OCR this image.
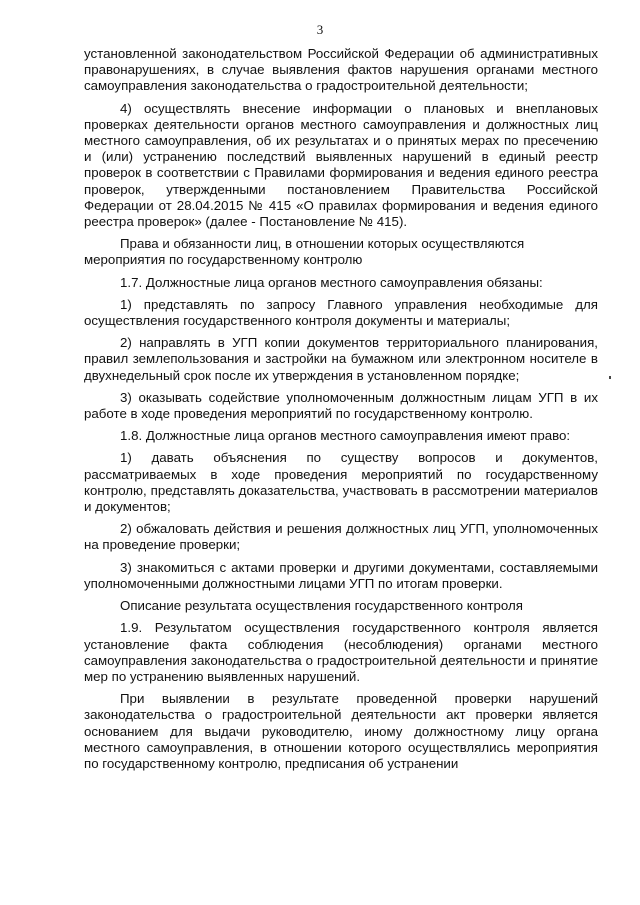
3

установленной законодательством Российской Федерации об административных правонарушениях, в случае выявления фактов нарушения органами местного самоуправления законодательства о градостроительной деятельности;

4) осуществлять внесение информации о плановых и внеплановых проверках деятельности органов местного самоуправления и должностных лиц местного самоуправления, об их результатах и о принятых мерах по пресечению и (или) устранению последствий выявленных нарушений в единый реестр проверок в соответствии с Правилами формирования и ведения единого реестра проверок, утвержденными постановлением Правительства Российской Федерации от 28.04.2015 № 415 «О правилах формирования и ведения единого реестра проверок» (далее - Постановление № 415).

Права и обязанности лиц, в отношении которых осуществляются мероприятия по государственному контролю

1.7. Должностные лица органов местного самоуправления обязаны:

1) представлять по запросу Главного управления необходимые для осуществления государственного контроля документы и материалы;

2) направлять в УГП копии документов территориального планирования, правил землепользования и застройки на бумажном или электронном носителе в двухнедельный срок после их утверждения в установленном порядке;

3) оказывать содействие уполномоченным должностным лицам УГП в их работе в ходе проведения мероприятий по государственному контролю.

1.8. Должностные лица органов местного самоуправления имеют право:

1) давать объяснения по существу вопросов и документов, рассматриваемых в ходе проведения мероприятий по государственному контролю, представлять доказательства, участвовать в рассмотрении материалов и документов;

2) обжаловать действия и решения должностных лиц УГП, уполномоченных на проведение проверки;

3) знакомиться с актами проверки и другими документами, составляемыми уполномоченными должностными лицами УГП по итогам проверки.

Описание результата осуществления государственного контроля

1.9. Результатом осуществления государственного контроля является установление факта соблюдения (несоблюдения) органами местного самоуправления законодательства о градостроительной деятельности и принятие мер по устранению выявленных нарушений.

При выявлении в результате проведенной проверки нарушений законодательства о градостроительной деятельности акт проверки является основанием для выдачи руководителю, иному должностному лицу органа местного самоуправления, в отношении которого осуществлялись мероприятия по государственному контролю, предписания об устранении
